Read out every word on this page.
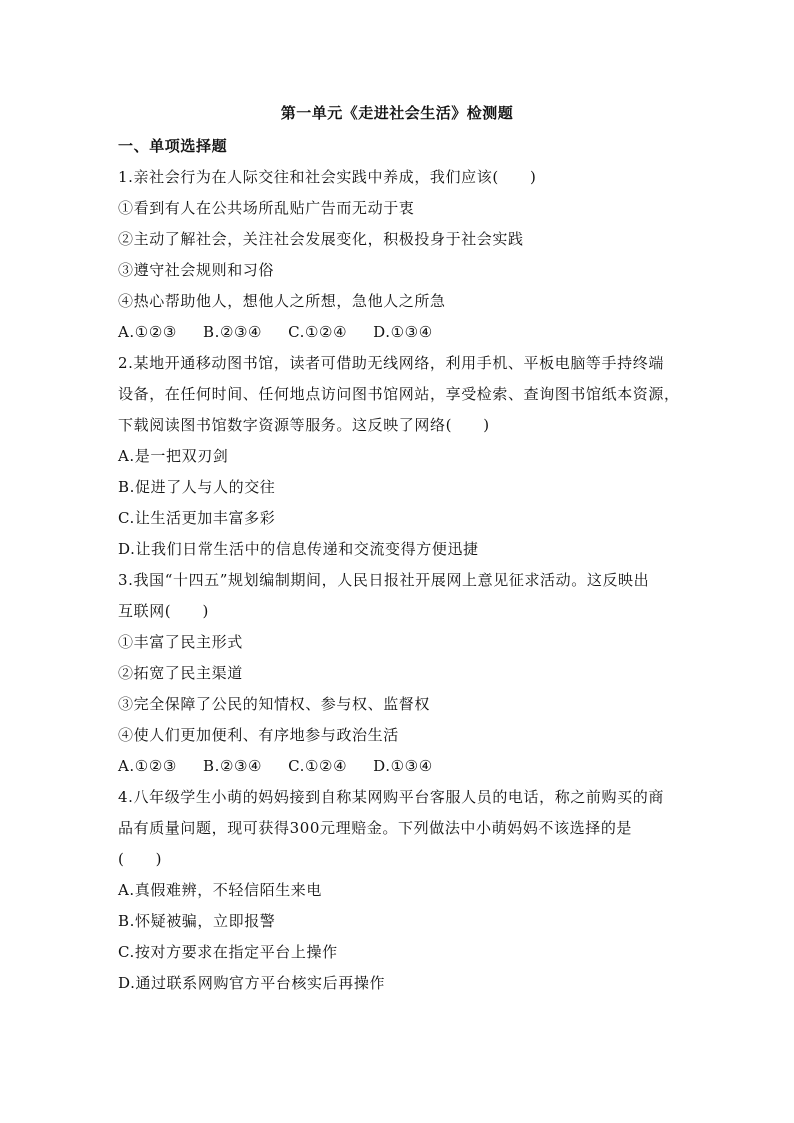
第一单元《走进社会生活》检测题
一、单项选择题
1.亲社会行为在人际交往和社会实践中养成，我们应该(　　)
①看到有人在公共场所乱贴广告而无动于衷
②主动了解社会，关注社会发展变化，积极投身于社会实践
③遵守社会规则和习俗
④热心帮助他人，想他人之所想，急他人之所急
A.①②③ B.②③④ C.①②④ D.①③④
2.某地开通移动图书馆，读者可借助无线网络，利用手机、平板电脑等手持终端
设备，在任何时间、任何地点访问图书馆网站，享受检索、查询图书馆纸本资源，
下载阅读图书馆数字资源等服务。这反映了网络(　　)
A.是一把双刃剑
B.促进了人与人的交往
C.让生活更加丰富多彩
D.让我们日常生活中的信息传递和交流变得方便迅捷
3.我国“十四五”规划编制期间，人民日报社开展网上意见征求活动。这反映出
互联网(　　)
①丰富了民主形式
②拓宽了民主渠道
③完全保障了公民的知情权、参与权、监督权
④使人们更加便利、有序地参与政治生活
A.①②③ B.②③④ C.①②④ D.①③④
4.八年级学生小萌的妈妈接到自称某网购平台客服人员的电话，称之前购买的商
品有质量问题，现可获得300元理赔金。下列做法中小萌妈妈不该选择的是
(　　)
A.真假难辨，不轻信陌生来电
B.怀疑被骗，立即报警
C.按对方要求在指定平台上操作
D.通过联系网购官方平台核实后再操作
